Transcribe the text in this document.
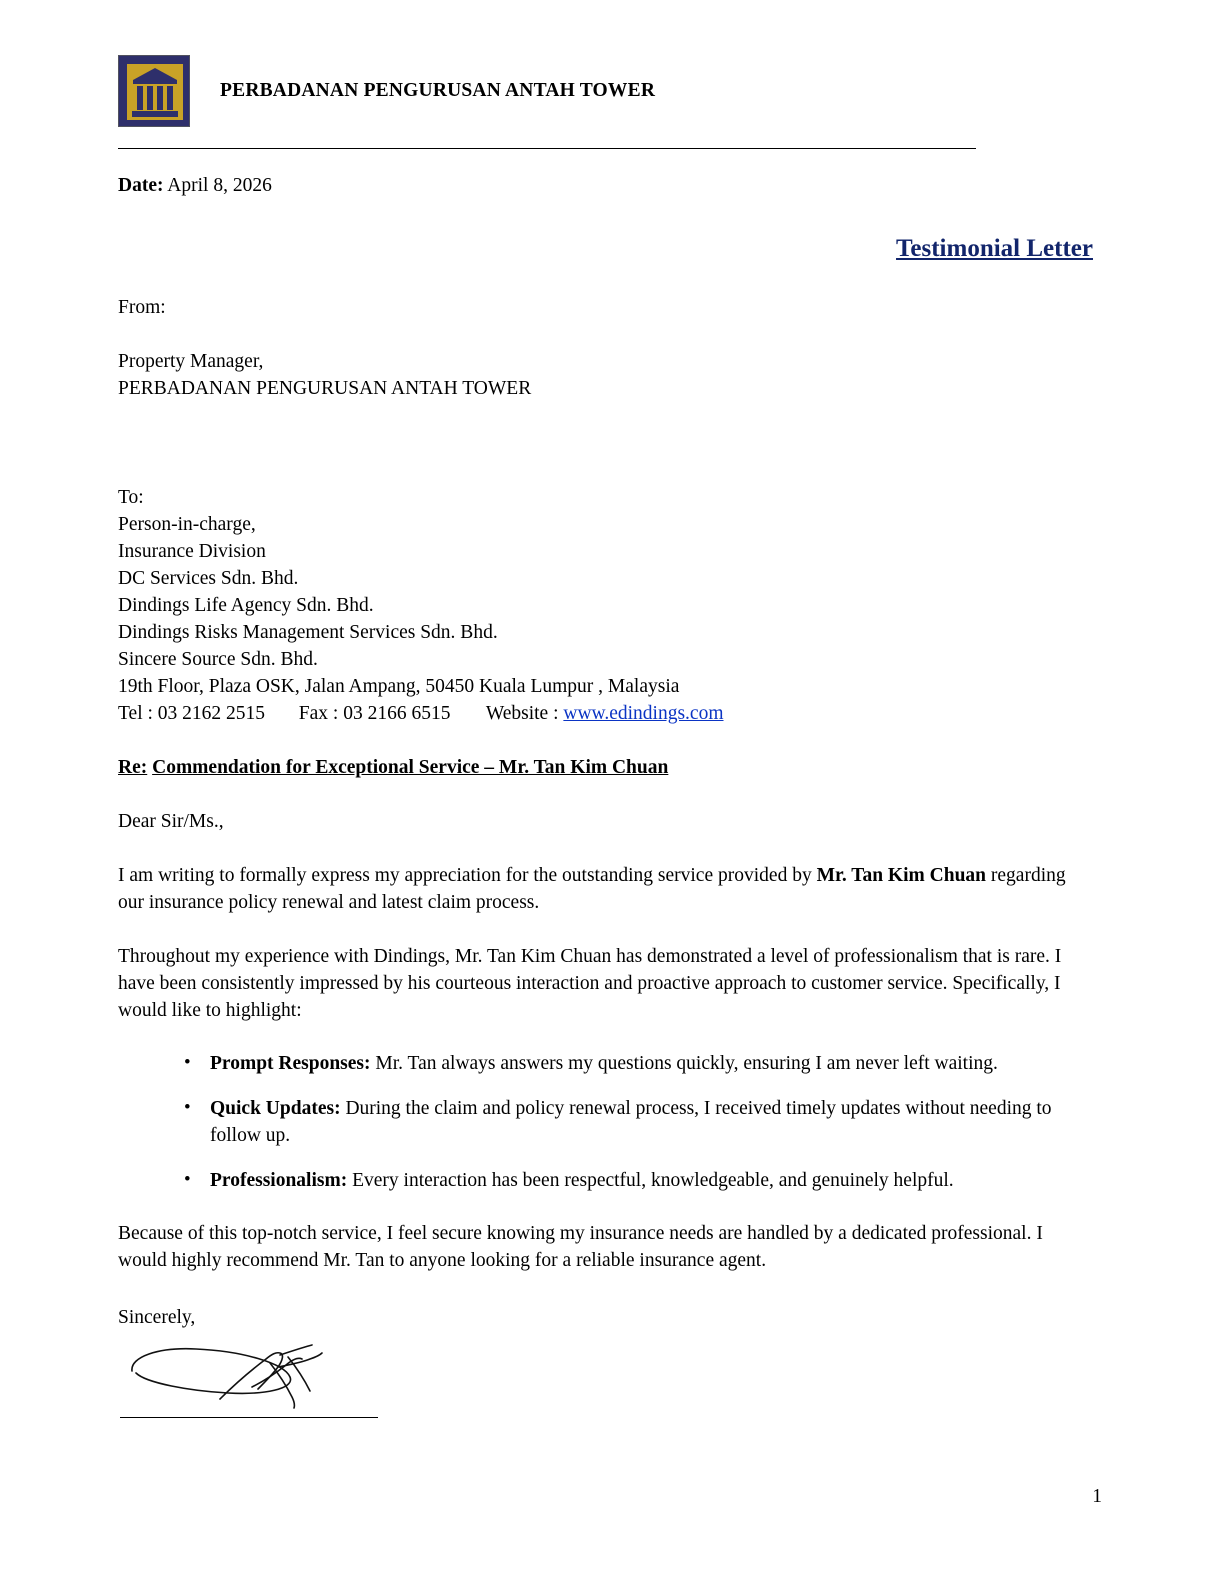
PERBADANAN PENGURUSAN ANTAH TOWER
Date: April 8, 2026
Testimonial Letter
From:
Property Manager,
PERBADANAN PENGURUSAN ANTAH TOWER
To:
Person-in-charge,
Insurance Division
DC Services Sdn. Bhd.
Dindings Life Agency Sdn. Bhd.
Dindings Risks Management Services Sdn. Bhd.
Sincere Source Sdn. Bhd.
19th Floor, Plaza OSK, Jalan Ampang, 50450 Kuala Lumpur , Malaysia
Tel : 03 2162 2515 Fax : 03 2166 6515 Website : www.edindings.com
Re: Commendation for Exceptional Service – Mr. Tan Kim Chuan
Dear Sir/Ms.,
I am writing to formally express my appreciation for the outstanding service provided by Mr. Tan Kim Chuan regarding our insurance policy renewal and latest claim process.
Throughout my experience with Dindings, Mr. Tan Kim Chuan has demonstrated a level of professionalism that is rare. I have been consistently impressed by his courteous interaction and proactive approach to customer service. Specifically, I would like to highlight:
• Prompt Responses: Mr. Tan always answers my questions quickly, ensuring I am never left waiting.
• Quick Updates: During the claim and policy renewal process, I received timely updates without needing to follow up.
• Professionalism: Every interaction has been respectful, knowledgeable, and genuinely helpful.
Because of this top-notch service, I feel secure knowing my insurance needs are handled by a dedicated professional. I would highly recommend Mr. Tan to anyone looking for a reliable insurance agent.
Sincerely,
1
